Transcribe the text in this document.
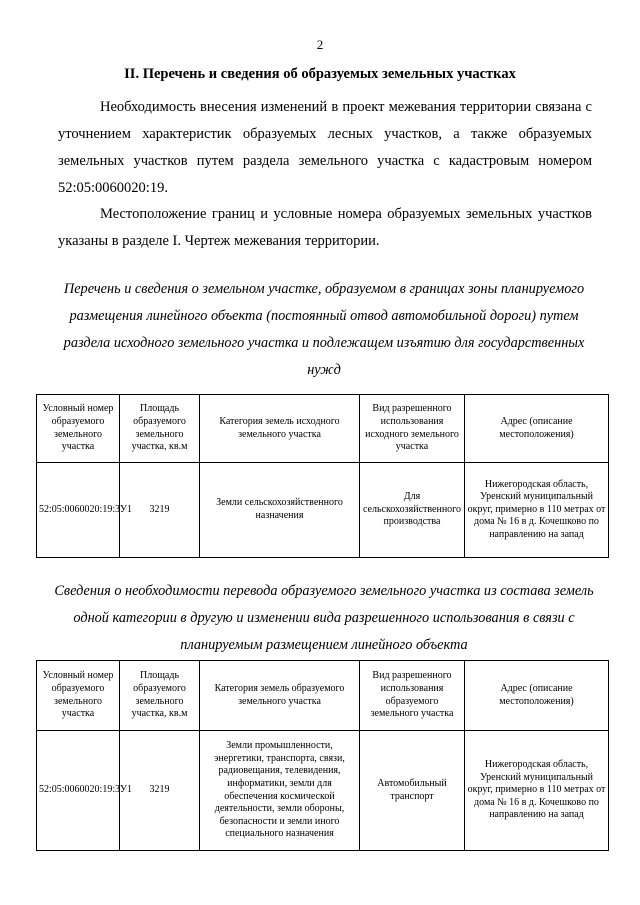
2
II. Перечень и сведения об образуемых земельных участках

Необходимость внесения изменений в проект межевания территории связана с уточнением характеристик образуемых лесных участков, а также образуемых земельных участков путем раздела земельного участка с кадастровым номером 52:05:0060020:19.

Местоположение границ и условные номера образуемых земельных участков указаны в разделе I. Чертеж межевания территории.

Перечень и сведения о земельном участке, образуемом в границах зоны планируемого размещения линейного объекта (постоянный отвод автомобильной дороги) путем раздела исходного земельного участка и подлежащем изъятию для государственных нужд

Условный номер образуемого земельного участка	Площадь образуемого земельного участка, кв.м	Категория земель исходного земельного участка	Вид разрешенного использования исходного земельного участка	Адрес (описание местоположения)
52:05:0060020:19:ЗУ1	3219	Земли сельскохозяйственного назначения	Для сельскохозяйственного производства	Нижегородская область, Уренский муниципальный округ, примерно в 110 метрах от дома № 16 в д. Кочешково по направлению на запад

Сведения о необходимости перевода образуемого земельного участка из состава земель одной категории в другую и изменении вида разрешенного использования в связи с планируемым размещением линейного объекта

Условный номер образуемого земельного участка	Площадь образуемого земельного участка, кв.м	Категория земель образуемого земельного участка	Вид разрешенного использования образуемого земельного участка	Адрес (описание местоположения)
52:05:0060020:19:ЗУ1	3219	Земли промышленности, энергетики, транспорта, связи, радиовещания, телевидения, информатики, земли для обеспечения космической деятельности, земли обороны, безопасности и земли иного специального назначения	Автомобильный транспорт	Нижегородская область, Уренский муниципальный округ, примерно в 110 метрах от дома № 16 в д. Кочешково по направлению на запад
